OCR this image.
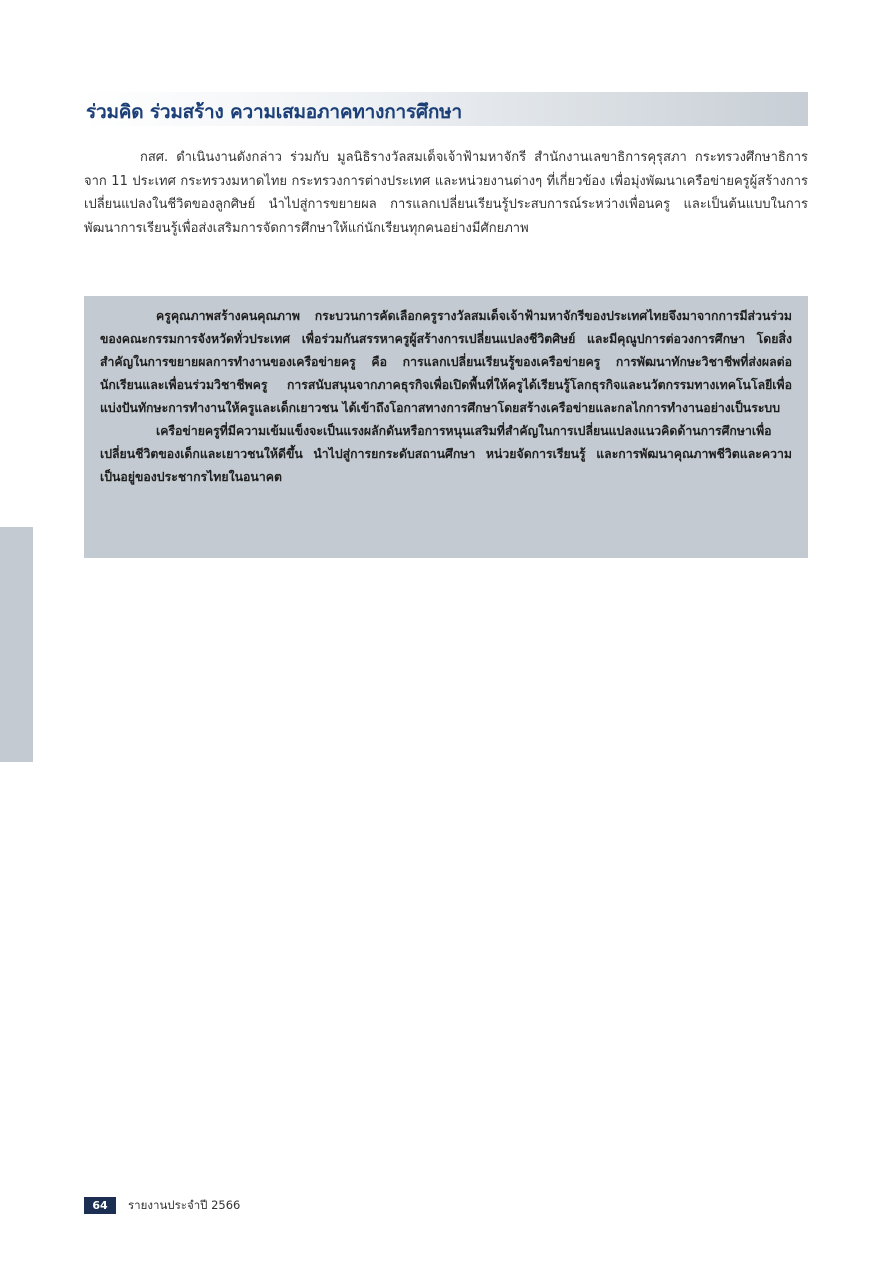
ร่วมคิด ร่วมสร้าง ความเสมอภาคทางการศึกษา

กสศ. ดำเนินงานดังกล่าว ร่วมกับ มูลนิธิรางวัลสมเด็จเจ้าฟ้ามหาจักรี สำนักงานเลขาธิการคุรุสภา กระทรวงศึกษาธิการ จาก 11 ประเทศ กระทรวงมหาดไทย กระทรวงการต่างประเทศ และหน่วยงานต่างๆ ที่เกี่ยวข้อง เพื่อมุ่งพัฒนาเครือข่ายครูผู้สร้างการเปลี่ยนแปลงในชีวิตของลูกศิษย์ นำไปสู่การขยายผล การแลกเปลี่ยนเรียนรู้ประสบการณ์ระหว่างเพื่อนครู และเป็นต้นแบบในการพัฒนาการเรียนรู้เพื่อส่งเสริมการจัดการศึกษาให้แก่นักเรียนทุกคนอย่างมีศักยภาพ

ครูคุณภาพสร้างคนคุณภาพ กระบวนการคัดเลือกครูรางวัลสมเด็จเจ้าฟ้ามหาจักรีของประเทศไทยจึงมาจากการมีส่วนร่วมของคณะกรรมการจังหวัดทั่วประเทศ เพื่อร่วมกันสรรหาครูผู้สร้างการเปลี่ยนแปลงชีวิตศิษย์ และมีคุณูปการต่อวงการศึกษา โดยสิ่งสำคัญในการขยายผลการทำงานของเครือข่ายครู คือ การแลกเปลี่ยนเรียนรู้ของเครือข่ายครู การพัฒนาทักษะวิชาชีพที่ส่งผลต่อนักเรียนและเพื่อนร่วมวิชาชีพครู การสนับสนุนจากภาคธุรกิจเพื่อเปิดพื้นที่ให้ครูได้เรียนรู้โลกธุรกิจและนวัตกรรมทางเทคโนโลยีเพื่อแบ่งปันทักษะการทำงานให้ครูและเด็กเยาวชน ได้เข้าถึงโอกาสทางการศึกษาโดยสร้างเครือข่ายและกลไกการทำงานอย่างเป็นระบบ

เครือข่ายครูที่มีความเข้มแข็งจะเป็นแรงผลักดันหรือการหนุนเสริมที่สำคัญในการเปลี่ยนแปลงแนวคิดด้านการศึกษาเพื่อเปลี่ยนชีวิตของเด็กและเยาวชนให้ดีขึ้น นำไปสู่การยกระดับสถานศึกษา หน่วยจัดการเรียนรู้ และการพัฒนาคุณภาพชีวิตและความเป็นอยู่ของประชากรไทยในอนาคต

64	รายงานประจำปี 2566
